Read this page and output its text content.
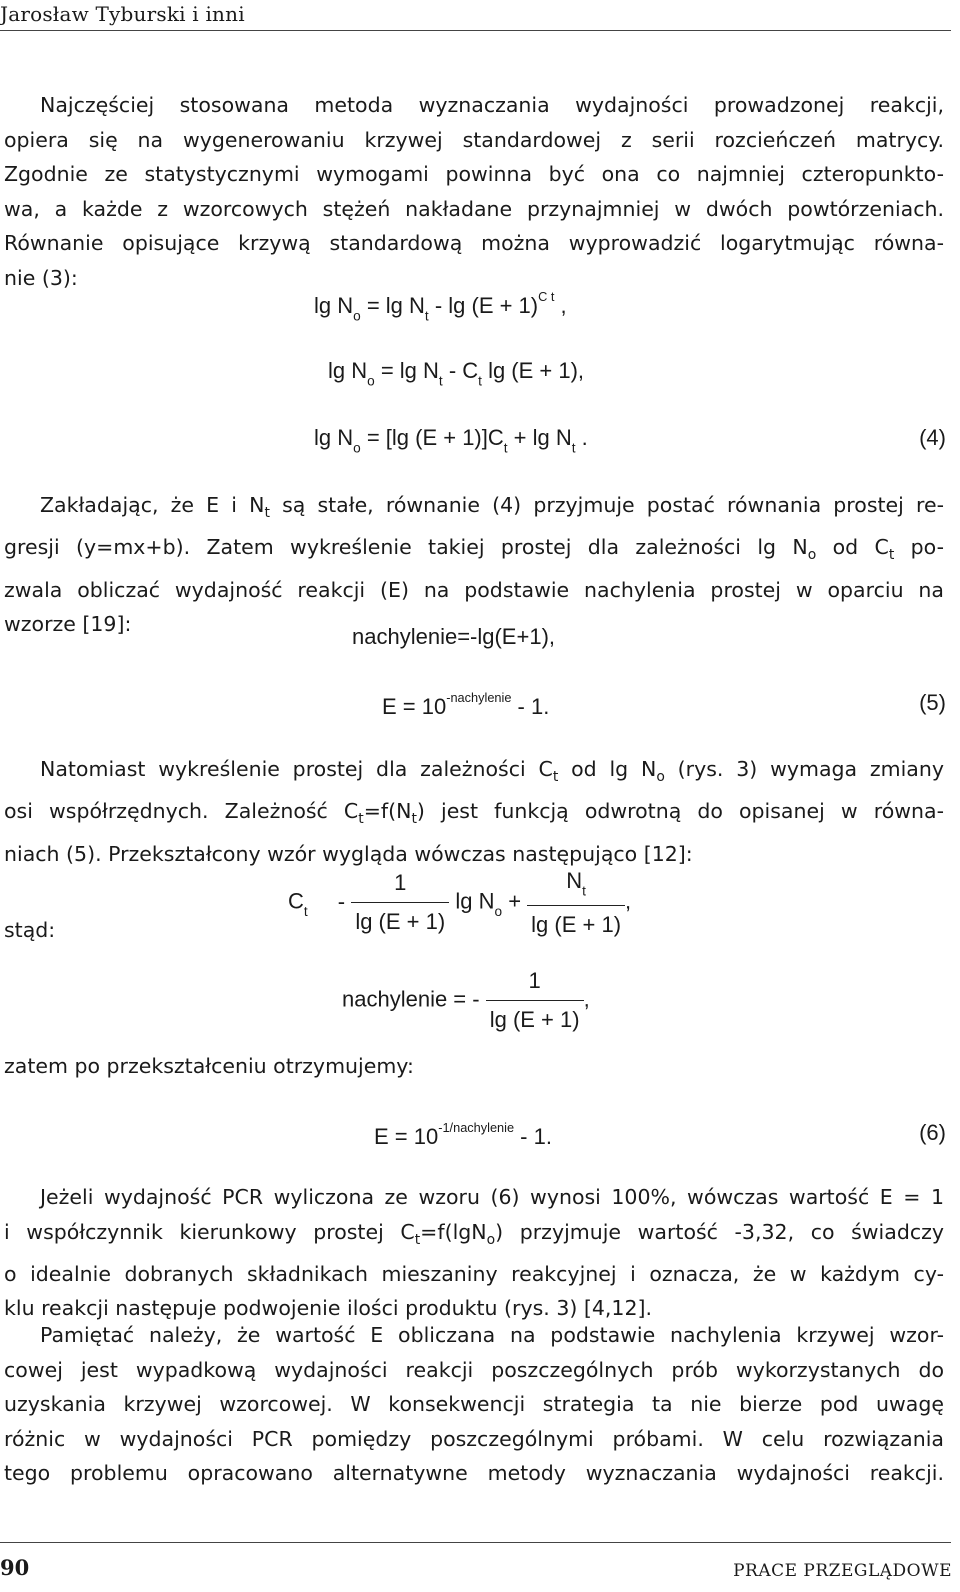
Jarosław Tyburski i inni
Najczęściej stosowana metoda wyznaczania wydajności prowadzonej reakcji,
opiera się na wygenerowaniu krzywej standardowej z serii rozcieńczeń matrycy.
Zgodnie ze statystycznymi wymogami powinna być ona co najmniej czteropunkto-
wa, a każde z wzorcowych stężeń nakładane przynajmniej w dwóch powtórzeniach.
Równanie opisujące krzywą standardową można wyprowadzić logarytmując równa-
nie (3):
$\lg N_o = \lg N_t - \lg (E + 1)^{C t}$ ,
$\lg N_o = \lg N_t - C_t$ lg (E + 1),
$\lg N_o = [\lg$ $(E + 1)]C_t + \lg N_t$ .	(4)
Zakładając, że E i $N_t$ są stałe, równanie (4) przyjmuje postać równania prostej re-
gresji (y=mx+b). Zatem wykreślenie takiej prostej dla zależności $\lg N_o$ od $C_t$ po-
zwala obliczać wydajność reakcji (E) na podstawie nachylenia prostej w oparciu na
wzorze [19]:	nachylenie=-lg(E+1),
$E = 10^{-nachylenie} - 1$.	(5)
Natomiast wykreślenie prostej dla zależności $C_t$ od $\lg N_o$ (rys. 3) wymaga zmiany
osi współrzędnych. Zależność $C_t=f(N_t)$ jest funkcją odwrotną do opisanej w równa-
niach (5). Przekształcony wzór wygląda wówczas następująco [12]:
$C_t - \frac{1}{\lg (E + 1)}$ $\lg N_o + \frac{N_t}{\lg (E + 1)}$ ,
stąd:
nachylenie = - $\frac{1}{\lg (E + 1)}$ ,
zatem po przekształceniu otrzymujemy:
$E = 10^{-1/nachylenie} - 1$.	(6)
Jeżeli wydajność PCR wyliczona ze wzoru (6) wynosi 100%, wówczas wartość E = 1
i współczynnik kierunkowy prostej $C_t=f(\lg N_o)$ przyjmuje wartość -3,32, co świadczy
o idealnie dobranych składnikach mieszaniny reakcyjnej i oznacza, że w każdym cy-
klu reakcji następuje podwojenie ilości produktu (rys. 3) [4,12].
Pamiętać należy, że wartość E obliczana na podstawie nachylenia krzywej wzor-
cowej jest wypadkową wydajności reakcji poszczególnych prób wykorzystanych do
uzyskania krzywej wzorcowej. W konsekwencji strategia ta nie bierze pod uwagę
różnic w wydajności PCR pomiędzy poszczególnymi próbami. W celu rozwiązania
tego problemu opracowano alternatywne metody wyznaczania wydajności reakcji.
90	PRACE PRZEGLĄDOWE
